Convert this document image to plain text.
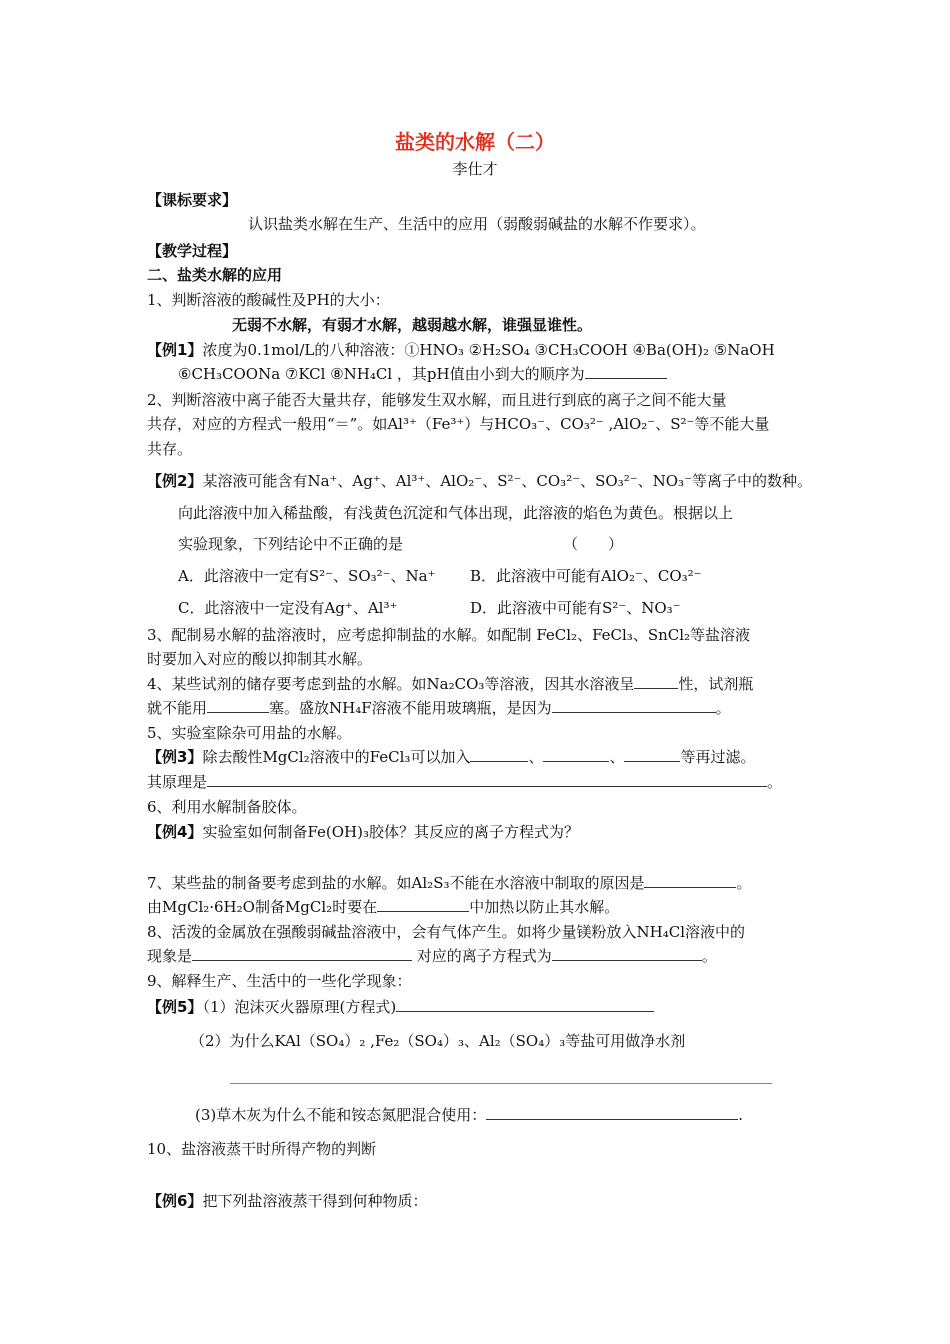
盐类的水解（二）
李仕才
【课标要求】
认识盐类水解在生产、生活中的应用（弱酸弱碱盐的水解不作要求）。
【教学过程】
二、盐类水解的应用
1、判断溶液的酸碱性及PH的大小：
无弱不水解，有弱才水解，越弱越水解，谁强显谁性。
【例1】浓度为0.1mol/L的八种溶液：①HNO₃ ②H₂SO₄ ③CH₃COOH ④Ba(OH)₂ ⑤NaOH
⑥CH₃COONa ⑦KCl ⑧NH₄Cl ，其pH值由小到大的顺序为
2、判断溶液中离子能否大量共存，能够发生双水解，而且进行到底的离子之间不能大量
共存，对应的方程式一般用“＝”。如Al³⁺（Fe³⁺）与HCO₃⁻、CO₃²⁻ ,AlO₂⁻、S²⁻等不能大量
共存。
【例2】某溶液可能含有Na⁺、Ag⁺、Al³⁺、AlO₂⁻、S²⁻、CO₃²⁻、SO₃²⁻、NO₃⁻等离子中的数种。
向此溶液中加入稀盐酸，有浅黄色沉淀和气体出现，此溶液的焰色为黄色。根据以上
实验现象，下列结论中不正确的是	（　　）
A．此溶液中一定有S²⁻、SO₃²⁻、Na⁺ B．此溶液中可能有AlO₂⁻、CO₃²⁻
C．此溶液中一定没有Ag⁺、Al³⁺	D．此溶液中可能有S²⁻、NO₃⁻
3、配制易水解的盐溶液时，应考虑抑制盐的水解。如配制 FeCl₂、FeCl₃、SnCl₂等盐溶液
时要加入对应的酸以抑制其水解。
4、某些试剂的储存要考虑到盐的水解。如Na₂CO₃等溶液，因其水溶液呈	性，试剂瓶
就不能用	塞。盛放NH₄F溶液不能用玻璃瓶，是因为	。
5、实验室除杂可用盐的水解。
【例3】除去酸性MgCl₂溶液中的FeCl₃可以加入	、	、	等再过滤。
其原理是	。
6、利用水解制备胶体。
【例4】实验室如何制备Fe(OH)₃胶体？其反应的离子方程式为？
7、某些盐的制备要考虑到盐的水解。如Al₂S₃不能在水溶液中制取的原因是	。
由MgCl₂·6H₂O制备MgCl₂时要在	中加热以防止其水解。
8、活泼的金属放在强酸弱碱盐溶液中，会有气体产生。如将少量镁粉放入NH₄Cl溶液中的
现象是	对应的离子方程式为	。
9、解释生产、生活中的一些化学现象：
【例5】（1）泡沫灭火器原理(方程式)
（2）为什么KAl（SO₄）₂ ,Fe₂（SO₄）₃、Al₂（SO₄）₃等盐可用做净水剂
(3)草木灰为什么不能和铵态氮肥混合使用：	.
10、盐溶液蒸干时所得产物的判断
【例6】把下列盐溶液蒸干得到何种物质：
